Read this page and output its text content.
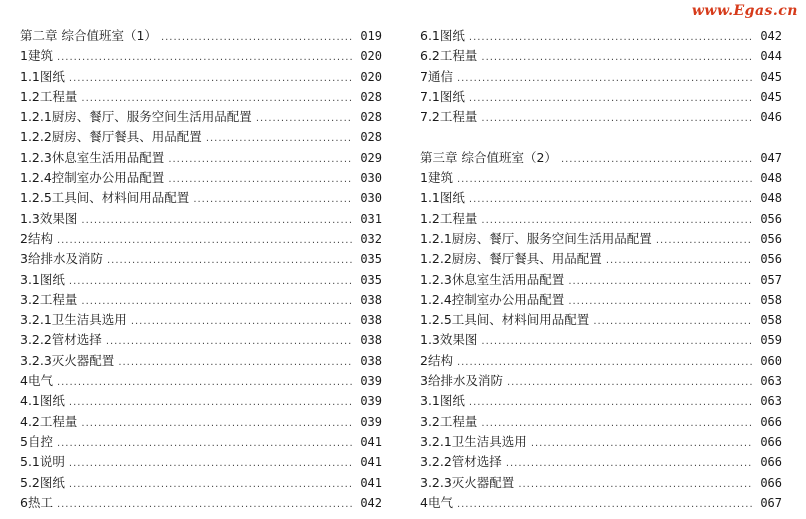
www.Egas.cn
第二章 综合值班室（1） .....	019
1建筑 .....	020
1.1图纸 .....	020
1.2工程量 .....	028
1.2.1厨房、餐厅、服务空间生活用品配置 .....	028
1.2.2厨房、餐厅餐具、用品配置 .....	028
1.2.3休息室生活用品配置 .....	029
1.2.4控制室办公用品配置 .....	030
1.2.5工具间、材料间用品配置 .....	030
1.3效果图 .....	031
2结构 .....	032
3给排水及消防 .....	035
3.1图纸 .....	035
3.2工程量 .....	038
3.2.1卫生洁具选用 .....	038
3.2.2管材选择 .....	038
3.2.3灭火器配置 .....	038
4电气 .....	039
4.1图纸 .....	039
4.2工程量 .....	039
5自控 .....	041
5.1说明 .....	041
5.2图纸 .....	041
6热工 .....	042
6.1图纸 .....	042
6.2工程量 .....	044
7通信 .....	045
7.1图纸 .....	045
7.2工程量 .....	046
第三章 综合值班室（2） .....	047
1建筑 .....	048
1.1图纸 .....	048
1.2工程量 .....	056
1.2.1厨房、餐厅、服务空间生活用品配置 .....	056
1.2.2厨房、餐厅餐具、用品配置 .....	056
1.2.3休息室生活用品配置 .....	057
1.2.4控制室办公用品配置 .....	058
1.2.5工具间、材料间用品配置 .....	058
1.3效果图 .....	059
2结构 .....	060
3给排水及消防 .....	063
3.1图纸 .....	063
3.2工程量 .....	066
3.2.1卫生洁具选用 .....	066
3.2.2管材选择 .....	066
3.2.3灭火器配置 .....	066
4电气 .....	067
